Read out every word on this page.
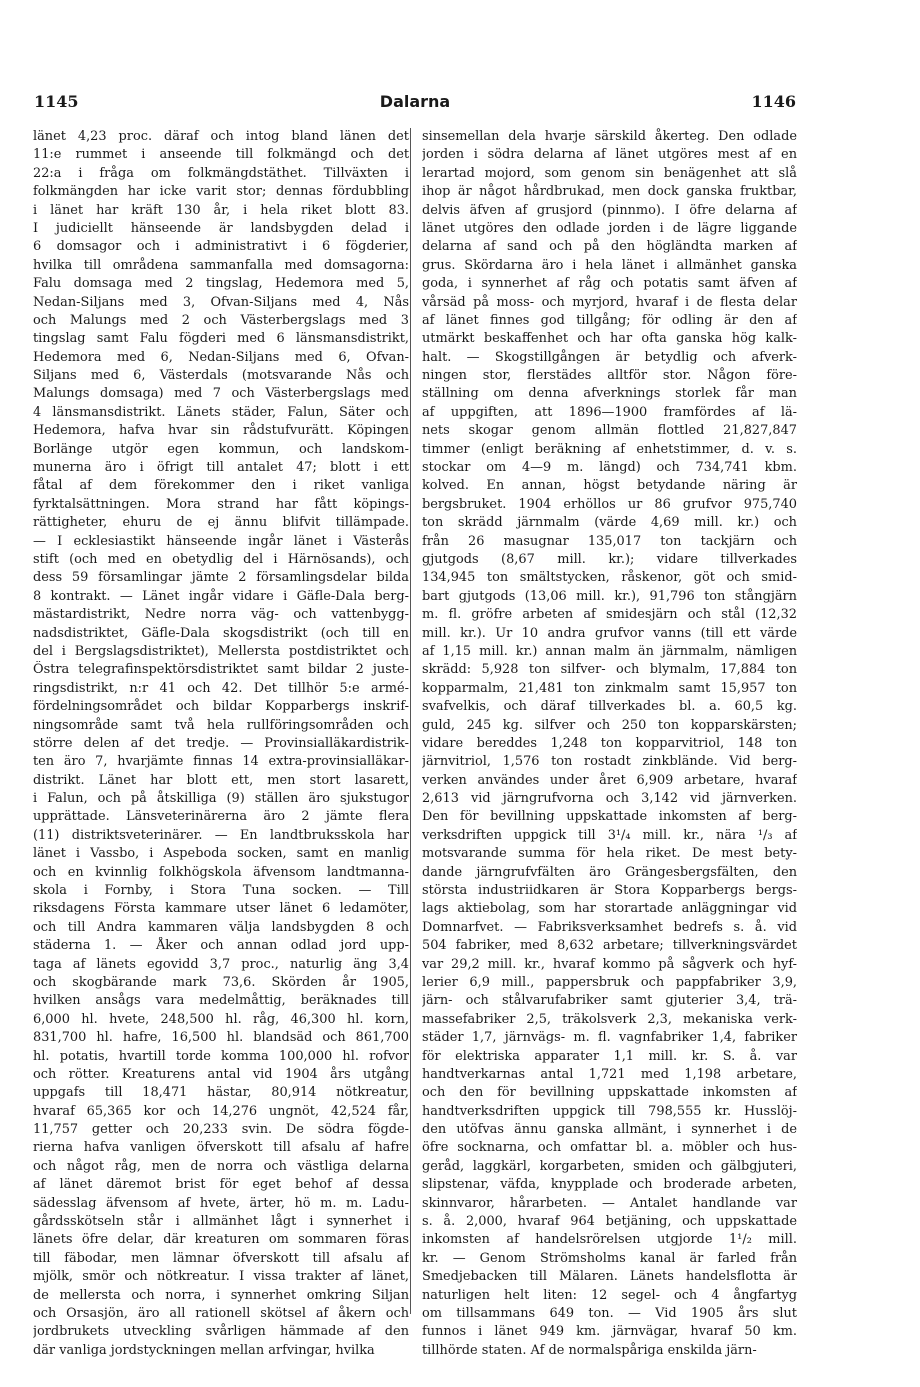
1145	Dalarna	1146
länet 4,23 proc. däraf och intog bland länen det
11:e rummet i anseende till folkmängd och det
22:a i fråga om folkmängdstäthet. Tillväxten i
folkmängden har icke varit stor; dennas fördubbling
i länet har kräft 130 år, i hela riket blott 83.
I judiciellt hänseende är landsbygden delad i
6 domsagor och i administrativt i 6 fögderier,
hvilka till områdena sammanfalla med domsagorna:
Falu domsaga med 2 tingslag, Hedemora med 5,
Nedan-Siljans med 3, Ofvan-Siljans med 4, Nås
och Malungs med 2 och Västerbergslags med 3
tingslag samt Falu fögderi med 6 länsmansdistrikt,
Hedemora med 6, Nedan-Siljans med 6, Ofvan-
Siljans med 6, Västerdals (motsvarande Nås och
Malungs domsaga) med 7 och Västerbergslags med
4 länsmansdistrikt. Länets städer, Falun, Säter och
Hedemora, hafva hvar sin rådstufvurätt. Köpingen
Borlänge utgör egen kommun, och landskom-
munerna äro i öfrigt till antalet 47; blott i ett
fåtal af dem förekommer den i riket vanliga
fyrktalsättningen. Mora strand har fått köpings-
rättigheter, ehuru de ej ännu blifvit tillämpade.
— I ecklesiastikt hänseende ingår länet i Västerås
stift (och med en obetydlig del i Härnösands), och
dess 59 församlingar jämte 2 församlingsdelar bilda
8 kontrakt. — Länet ingår vidare i Gäfle-Dala berg-
mästardistrikt, Nedre norra väg- och vattenbygg-
nadsdistriktet, Gäfle-Dala skogsdistrikt (och till en
del i Bergslagsdistriktet), Mellersta postdistriktet och
Östra telegrafinspektörsdistriktet samt bildar 2 juste-
ringsdistrikt, n:r 41 och 42. Det tillhör 5:e armé-
fördelningsområdet och bildar Kopparbergs inskrif-
ningsområde samt två hela rullföringsområden och
större delen af det tredje. — Provinsialläkardistrik-
ten äro 7, hvarjämte finnas 14 extra-provinsialläkar-
distrikt. Länet har blott ett, men stort lasarett,
i Falun, och på åtskilliga (9) ställen äro sjukstugor
upprättade. Länsveterinärerna äro 2 jämte flera
(11) distriktsveterinärer. — En landtbruksskola har
länet i Vassbo, i Aspeboda socken, samt en manlig
och en kvinnlig folkhögskola äfvensom landtmanna-
skola i Fornby, i Stora Tuna socken. — Till
riksdagens Första kammare utser länet 6 ledamöter,
och till Andra kammaren välja landsbygden 8 och
städerna 1. — Åker och annan odlad jord upp-
taga af länets egovidd 3,7 proc., naturlig äng 3,4
och skogbärande mark 73,6. Skörden år 1905,
hvilken ansågs vara medelmåttig, beräknades till
6,000 hl. hvete, 248,500 hl. råg, 46,300 hl. korn,
831,700 hl. hafre, 16,500 hl. blandsäd och 861,700
hl. potatis, hvartill torde komma 100,000 hl. rofvor
och rötter. Kreaturens antal vid 1904 års utgång
uppgafs till 18,471 hästar, 80,914 nötkreatur,
hvaraf 65,365 kor och 14,276 ungnöt, 42,524 får,
11,757 getter och 20,233 svin. De södra fögde-
rierna hafva vanligen öfverskott till afsalu af hafre
och något råg, men de norra och västliga delarna
af länet däremot brist för eget behof af dessa
sädesslag äfvensom af hvete, ärter, hö m. m. Ladu-
gårdsskötseln står i allmänhet lågt i synnerhet i
länets öfre delar, där kreaturen om sommaren föras
till fäbodar, men lämnar öfverskott till afsalu af
mjölk, smör och nötkreatur. I vissa trakter af länet,
de mellersta och norra, i synnerhet omkring Siljan
och Orsasjön, äro all rationell skötsel af åkern och
jordbrukets utveckling svårligen hämmade af den
där vanliga jordstyckningen mellan arfvingar, hvilka
sinsemellan dela hvarje särskild åkerteg. Den odlade
jorden i södra delarna af länet utgöres mest af en
lerartad mojord, som genom sin benägenhet att slå
ihop är något hårdbrukad, men dock ganska fruktbar,
delvis äfven af grusjord (pinnmo). I öfre delarna af
länet utgöres den odlade jorden i de lägre liggande
delarna af sand och på den högländta marken af
grus. Skördarna äro i hela länet i allmänhet ganska
goda, i synnerhet af råg och potatis samt äfven af
vårsäd på moss- och myrjord, hvaraf i de flesta delar
af länet finnes god tillgång; för odling är den af
utmärkt beskaffenhet och har ofta ganska hög kalk-
halt. — Skogstillgången är betydlig och afverk-
ningen stor, flerstädes alltför stor. Någon före-
ställning om denna afverknings storlek får man
af uppgiften, att 1896—1900 framfördes af lä-
nets skogar genom allmän flottled 21,827,847
timmer (enligt beräkning af enhetstimmer, d. v. s.
stockar om 4—9 m. längd) och 734,741 kbm.
kolved. En annan, högst betydande näring är
bergsbruket. 1904 erhöllos ur 86 grufvor 975,740
ton skrädd järnmalm (värde 4,69 mill. kr.) och
från 26 masugnar 135,017 ton tackjärn och
gjutgods (8,67 mill. kr.); vidare tillverkades
134,945 ton smältstycken, råskenor, göt och smid-
bart gjutgods (13,06 mill. kr.), 91,796 ton stångjärn
m. fl. gröfre arbeten af smidesjärn och stål (12,32
mill. kr.). Ur 10 andra grufvor vanns (till ett värde
af 1,15 mill. kr.) annan malm än järnmalm, nämligen
skrädd: 5,928 ton silfver- och blymalm, 17,884 ton
kopparmalm, 21,481 ton zinkmalm samt 15,957 ton
svafvelkis, och däraf tillverkades bl. a. 60,5 kg.
guld, 245 kg. silfver och 250 ton kopparskärsten;
vidare bereddes 1,248 ton kopparvitriol, 148 ton
järnvitriol, 1,576 ton rostadt zinkblände. Vid berg-
verken användes under året 6,909 arbetare, hvaraf
2,613 vid järngrufvorna och 3,142 vid järnverken.
Den för bevillning uppskattade inkomsten af berg-
verksdriften uppgick till 3¹/₄ mill. kr., nära ¹/₃ af
motsvarande summa för hela riket. De mest bety-
dande järngrufvfälten äro Grängesbergsfälten, den
största industriidkaren är Stora Kopparbergs bergs-
lags aktiebolag, som har storartade anläggningar vid
Domnarfvet. — Fabriksverksamhet bedrefs s. å. vid
504 fabriker, med 8,632 arbetare; tillverkningsvärdet
var 29,2 mill. kr., hvaraf kommo på sågverk och hyf-
lerier 6,9 mill., pappersbruk och pappfabriker 3,9,
järn- och stålvarufabriker samt gjuterier 3,4, trä-
massefabriker 2,5, träkolsverk 2,3, mekaniska verk-
städer 1,7, järnvägs- m. fl. vagnfabriker 1,4, fabriker
för elektriska apparater 1,1 mill. kr. S. å. var
handtverkarnas antal 1,721 med 1,198 arbetare,
och den för bevillning uppskattade inkomsten af
handtverksdriften uppgick till 798,555 kr. Husslöj-
den utöfvas ännu ganska allmänt, i synnerhet i de
öfre socknarna, och omfattar bl. a. möbler och hus-
geråd, laggkärl, korgarbeten, smiden och gälbgjuteri,
slipstenar, väfda, knypplade och broderade arbeten,
skinnvaror, hårarbeten. — Antalet handlande var
s. å. 2,000, hvaraf 964 betjäning, och uppskattade
inkomsten af handelsrörelsen utgjorde 1¹/₂ mill.
kr. — Genom Strömsholms kanal är farled från
Smedjebacken till Mälaren. Länets handelsflotta är
naturligen helt liten: 12 segel- och 4 ångfartyg
om tillsammans 649 ton. — Vid 1905 års slut
funnos i länet 949 km. järnvägar, hvaraf 50 km.
tillhörde staten. Af de normalspåriga enskilda järn-
